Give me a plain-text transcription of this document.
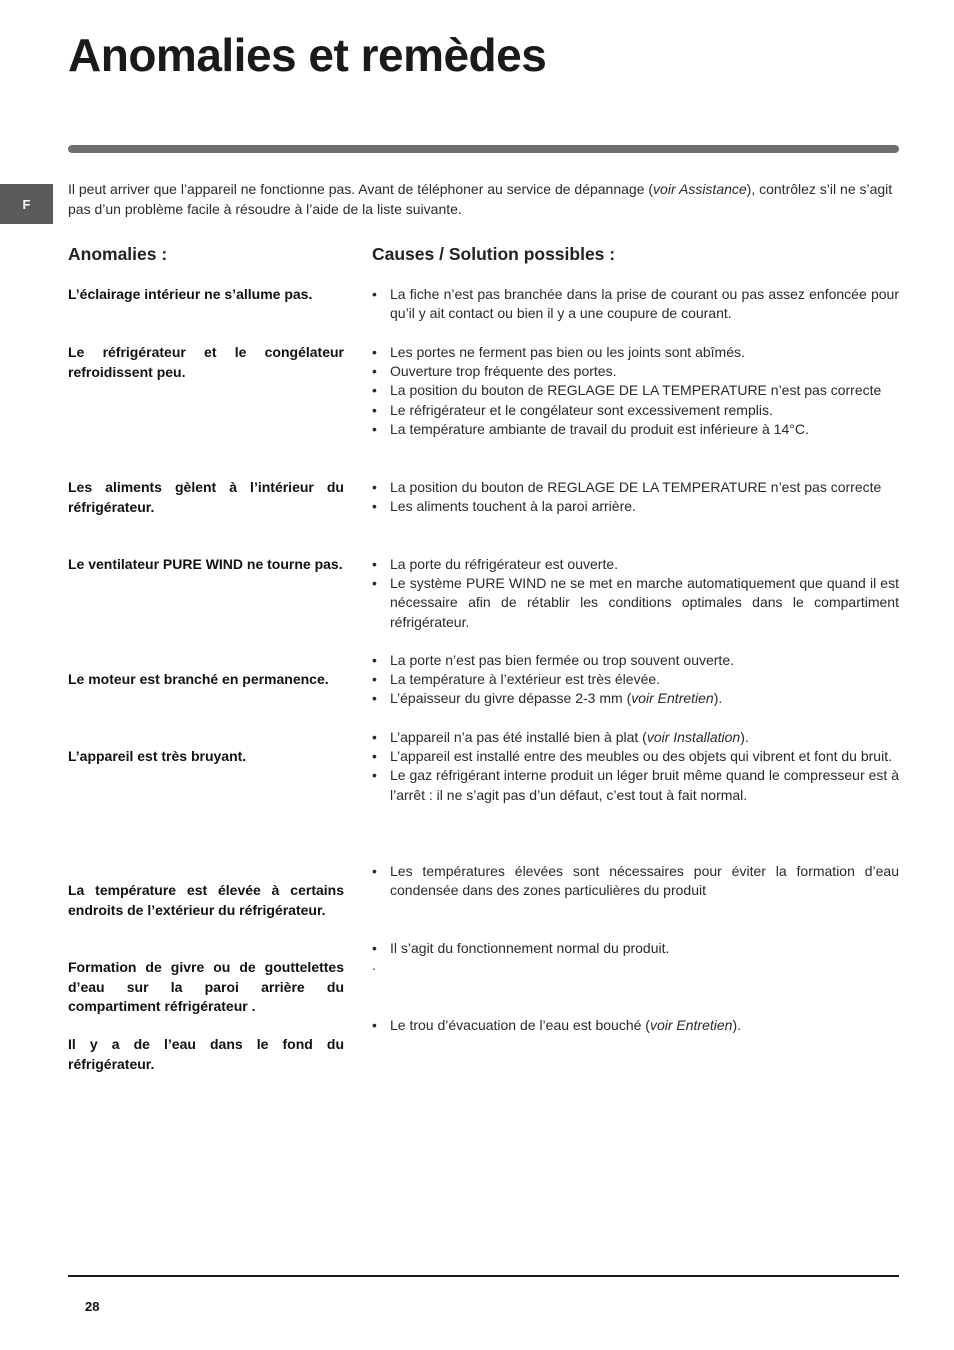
Anomalies et remèdes
F

Il peut arriver que l’appareil ne fonctionne pas. Avant de téléphoner au service de dépannage (voir Assistance), contrôlez s’il ne s’agit pas d’un problème facile à résoudre à l’aide de la liste suivante.

Anomalies :	Causes / Solution possibles :
L’éclairage intérieur ne s’allume pas.
Le réfrigérateur et le congélateur refroidissent peu.
Les aliments gèlent à l’intérieur du réfrigérateur.
Le ventilateur PURE WIND ne tourne pas.
Le moteur est branché en permanence.
L’appareil est très bruyant.
La température est élevée à certains endroits de l’extérieur du réfrigérateur.
Formation de givre ou de gouttelettes d’eau sur la paroi arrière du compartiment réfrigérateur .
Il y a de l’eau dans le fond du réfrigérateur.
• La fiche n’est pas branchée dans la prise de courant ou pas assez enfoncée pour qu’il y ait contact ou bien il y a une coupure de courant.
• Les portes ne ferment pas bien ou les joints sont abîmés.
• Ouverture trop fréquente des portes.
• La position du bouton de REGLAGE DE LA TEMPERATURE n’est pas correcte
• Le réfrigérateur et le congélateur sont excessivement remplis.
• La température ambiante de travail du produit est inférieure à 14°C.
• La position du bouton de REGLAGE DE LA TEMPERATURE n’est pas correcte
• Les aliments touchent à la paroi arrière.
• La porte du réfrigérateur est ouverte.
• Le système PURE WIND ne se met en marche automatiquement que quand il est nécessaire afin de rétablir les conditions optimales dans le compartiment réfrigérateur.
• La porte n’est pas bien fermée ou trop souvent ouverte.
• La température à l’extérieur est très élevée.
• L’épaisseur du givre dépasse 2-3 mm (voir Entretien).
• L’appareil n’a pas été installé bien à plat (voir Installation).
• L’appareil est installé entre des meubles ou des objets qui vibrent et font du bruit.
• Le gaz réfrigérant interne produit un léger bruit même quand le compresseur est à l’arrêt : il ne s’agit pas d’un défaut, c’est tout à fait normal.
• Les températures élevées sont nécessaires pour éviter la formation d’eau condensée dans des zones particulières du produit
• Il s’agit du fonctionnement normal du produit.
• Le trou d’évacuation de l’eau est bouché (voir Entretien).
.
28
